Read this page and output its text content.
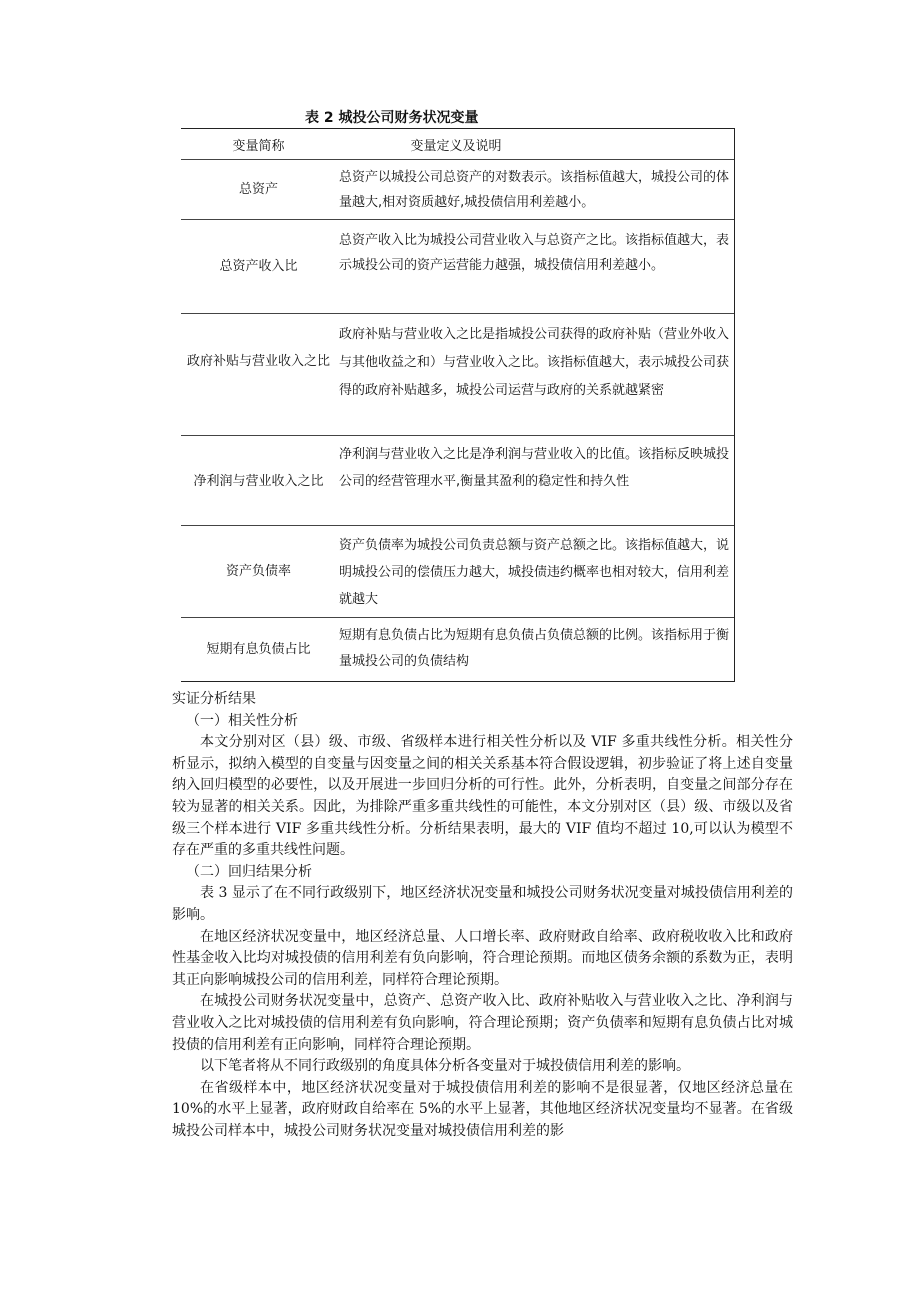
表 2 城投公司财务状况变量
变量简称	变量定义及说明
总资产
总资产以城投公司总资产的对数表示。该指标值越大，城投公司的体量越大,相对资质越好,城投债信用利差越小。
总资产收入比
总资产收入比为城投公司营业收入与总资产之比。该指标值越大，表示城投公司的资产运营能力越强，城投债信用利差越小。
政府补贴与营业收入之比
政府补贴与营业收入之比是指城投公司获得的政府补贴（营业外收入与其他收益之和）与营业收入之比。该指标值越大，表示城投公司获得的政府补贴越多，城投公司运营与政府的关系就越紧密
净利润与营业收入之比
净利润与营业收入之比是净利润与营业收入的比值。该指标反映城投公司的经营管理水平,衡量其盈利的稳定性和持久性
资产负债率
资产负债率为城投公司负责总额与资产总额之比。该指标值越大，说明城投公司的偿债压力越大，城投债违约概率也相对较大，信用利差就越大
短期有息负债占比
短期有息负债占比为短期有息负债占负债总额的比例。该指标用于衡量城投公司的负债结构

实证分析结果

（一）相关性分析

本文分别对区（县）级、市级、省级样本进行相关性分析以及 VIF 多重共线性分析。相关性分析显示，拟纳入模型的自变量与因变量之间的相关关系基本符合假设逻辑，初步验证了将上述自变量纳入回归模型的必要性，以及开展进一步回归分析的可行性。此外，分析表明，自变量之间部分存在较为显著的相关关系。因此，为排除严重多重共线性的可能性，本文分别对区（县）级、市级以及省级三个样本进行 VIF 多重共线性分析。分析结果表明，最大的 VIF 值均不超过 10,可以认为模型不存在严重的多重共线性问题。

（二）回归结果分析

表 3 显示了在不同行政级别下，地区经济状况变量和城投公司财务状况变量对城投债信用利差的影响。

在地区经济状况变量中，地区经济总量、人口增长率、政府财政自给率、政府税收收入比和政府性基金收入比均对城投债的信用利差有负向影响，符合理论预期。而地区债务余额的系数为正，表明其正向影响城投公司的信用利差，同样符合理论预期。

在城投公司财务状况变量中，总资产、总资产收入比、政府补贴收入与营业收入之比、净利润与营业收入之比对城投债的信用利差有负向影响，符合理论预期；资产负债率和短期有息负债占比对城投债的信用利差有正向影响，同样符合理论预期。

以下笔者将从不同行政级别的角度具体分析各变量对于城投债信用利差的影响。

在省级样本中，地区经济状况变量对于城投债信用利差的影响不是很显著，仅地区经济总量在 10%的水平上显著，政府财政自给率在 5%的水平上显著，其他地区经济状况变量均不显著。在省级城投公司样本中，城投公司财务状况变量对城投债信用利差的影
